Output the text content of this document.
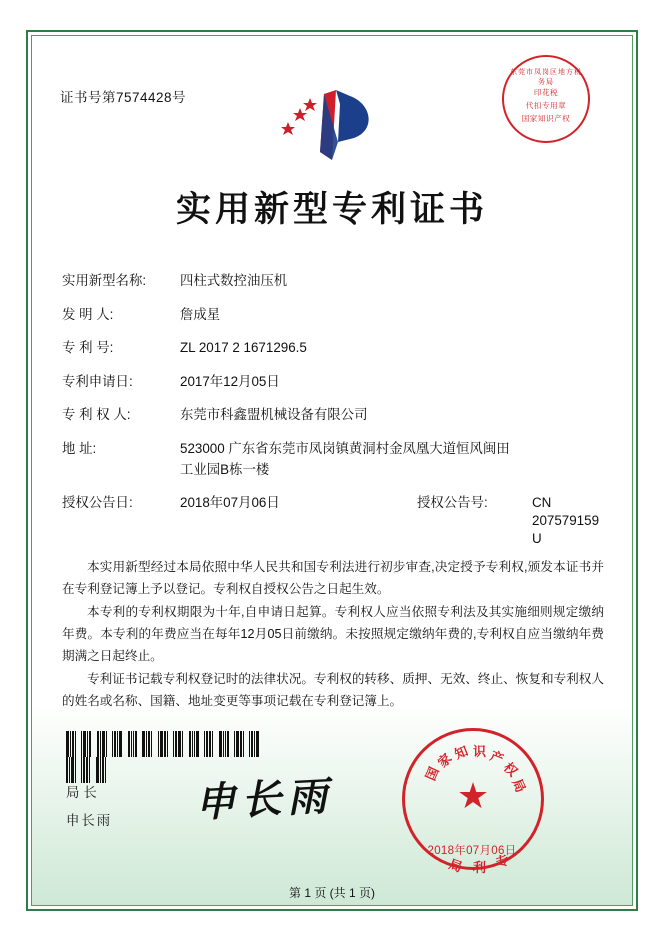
证书号第7574428号
东莞市凤岗区地方税务局
印花税
代扣专用章
国家知识产权
实用新型专利证书
实用新型名称:	四柱式数控油压机
发 明 人:	詹成星
专 利 号:	ZL 2017 2 1671296.5
专利申请日:	2017年12月05日
专 利 权 人:	东莞市科鑫盟机械设备有限公司
地 址:	523000 广东省东莞市凤岗镇黄洞村金凤凰大道恒风闽田
工业园B栋一楼
授权公告日:	2018年07月06日	授权公告号:	CN 207579159 U

本实用新型经过本局依照中华人民共和国专利法进行初步审查,决定授予专利权,颁发本证书并在专利登记簿上予以登记。专利权自授权公告之日起生效。

本专利的专利权期限为十年,自申请日起算。专利权人应当依照专利法及其实施细则规定缴纳年费。本专利的年费应当在每年12月05日前缴纳。未按照规定缴纳年费的,专利权自应当缴纳年费期满之日起终止。

专利证书记载专利权登记时的法律状况。专利权的转移、质押、无效、终止、恢复和专利权人的姓名或名称、国籍、地址变更等事项记载在专利登记簿上。

局长
申长雨 申长雨	国
家
知 识 产
权
局
专
利
局
★
2018年07月06日
第 1 页 (共 1 页)
